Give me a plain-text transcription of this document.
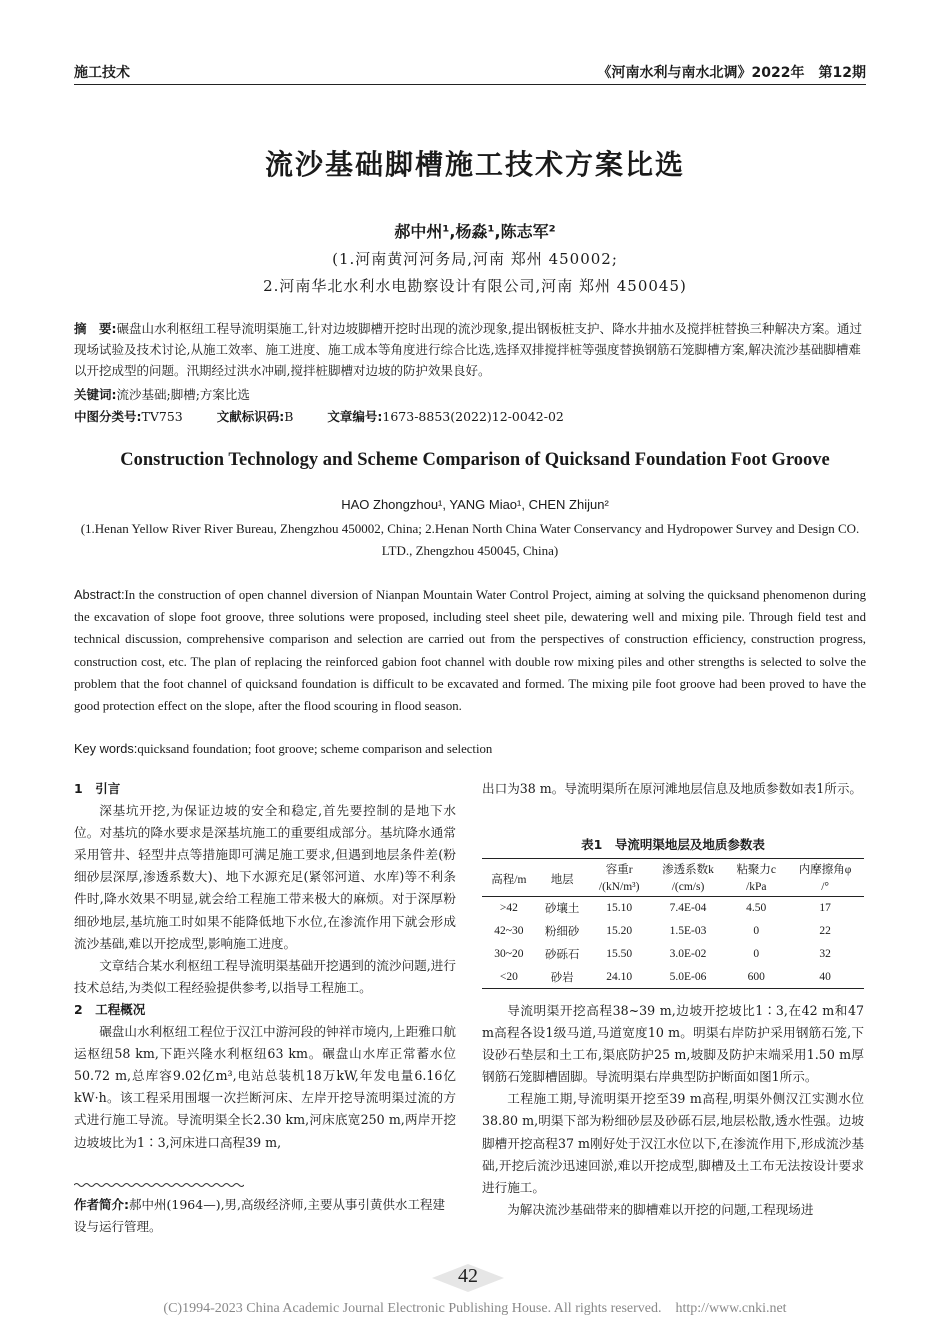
施工技术	《河南水利与南水北调》2022年　第12期
流沙基础脚槽施工技术方案比选
郝中州¹,杨淼¹,陈志军²
(1.河南黄河河务局,河南 郑州 450002;
2.河南华北水利水电勘察设计有限公司,河南 郑州 450045)
摘　要:碾盘山水利枢纽工程导流明渠施工,针对边坡脚槽开挖时出现的流沙现象,提出钢板桩支护、降水井抽水及搅拌桩替换三种解决方案。通过现场试验及技术讨论,从施工效率、施工进度、施工成本等角度进行综合比选,选择双排搅拌桩等强度替换钢筋石笼脚槽方案,解决流沙基础脚槽难以开挖成型的问题。汛期经过洪水冲刷,搅拌桩脚槽对边坡的防护效果良好。
关键词:流沙基础;脚槽;方案比选
中图分类号:TV753	文献标识码:B	文章编号:1673-8853(2022)12-0042-02
Construction Technology and Scheme Comparison of Quicksand Foundation Foot Groove
HAO Zhongzhou¹, YANG Miao¹, CHEN Zhijun²
(1.Henan Yellow River River Bureau, Zhengzhou 450002, China; 2.Henan North China Water Conservancy and Hydropower Survey and Design CO. LTD., Zhengzhou 450045, China)
Abstract:In the construction of open channel diversion of Nianpan Mountain Water Control Project, aiming at solving the quicksand phenomenon during the excavation of slope foot groove, three solutions were proposed, including steel sheet pile, dewatering well and mixing pile. Through field test and technical discussion, comprehensive comparison and selection are carried out from the perspectives of construction efficiency, construction progress, construction cost, etc. The plan of replacing the reinforced gabion foot channel with double row mixing piles and other strengths is selected to solve the problem that the foot channel of quicksand foundation is difficult to be excavated and formed. The mixing pile foot groove had been proved to have the good protection effect on the slope, after the flood scouring in flood season.
Key words:quicksand foundation; foot groove; scheme comparison and selection
1　引言
深基坑开挖,为保证边坡的安全和稳定,首先要控制的是地下水位。对基坑的降水要求是深基坑施工的重要组成部分。基坑降水通常采用管井、轻型井点等措施即可满足施工要求,但遇到地层条件差(粉细砂层深厚,渗透系数大)、地下水源充足(紧邻河道、水库)等不利条件时,降水效果不明显,就会给工程施工带来极大的麻烦。对于深厚粉细砂地层,基坑施工时如果不能降低地下水位,在渗流作用下就会形成流沙基础,难以开挖成型,影响施工进度。
文章结合某水利枢纽工程导流明渠基础开挖遇到的流沙问题,进行技术总结,为类似工程经验提供参考,以指导工程施工。
2　工程概况
碾盘山水利枢纽工程位于汉江中游河段的钟祥市境内,上距雅口航运枢纽58 km,下距兴隆水利枢纽63 km。碾盘山水库正常蓄水位50.72 m,总库容9.02亿m³,电站总装机18万kW,年发电量6.16亿kW·h。该工程采用围堰一次拦断河床、左岸开挖导流明渠过流的方式进行施工导流。导流明渠全长2.30 km,河床底宽250 m,两岸开挖边坡坡比为1∶3,河床进口高程39 m,
作者简介:郝中州(1964—),男,高级经济师,主要从事引黄供水工程建设与运行管理。
出口为38 m。导流明渠所在原河滩地层信息及地质参数如表1所示。
表1　导流明渠地层及地质参数表
高程/m	地层	容重r	渗透系数k	粘聚力c	内摩擦角φ
		/(kN/m³)	/(cm/s)	/kPa	/°
>42	砂壤土	15.10	7.4E-04	4.50	17
42~30	粉细砂	15.20	1.5E-03	0	22
30~20	砂砾石	15.50	3.0E-02	0	32
<20	砂岩	24.10	5.0E-06	600	40
导流明渠开挖高程38~39 m,边坡开挖坡比1∶3,在42 m和47 m高程各设1级马道,马道宽度10 m。明渠右岸防护采用钢筋石笼,下设砂石垫层和土工布,渠底防护25 m,坡脚及防护末端采用1.50 m厚钢筋石笼脚槽固脚。导流明渠右岸典型防护断面如图1所示。
工程施工期,导流明渠开挖至39 m高程,明渠外侧汉江实测水位38.80 m,明渠下部为粉细砂层及砂砾石层,地层松散,透水性强。边坡脚槽开挖高程37 m刚好处于汉江水位以下,在渗流作用下,形成流沙基础,开挖后流沙迅速回淤,难以开挖成型,脚槽及土工布无法按设计要求进行施工。
为解决流沙基础带来的脚槽难以开挖的问题,工程现场进
42
(C)1994-2023 China Academic Journal Electronic Publishing House. All rights reserved.　http://www.cnki.net
